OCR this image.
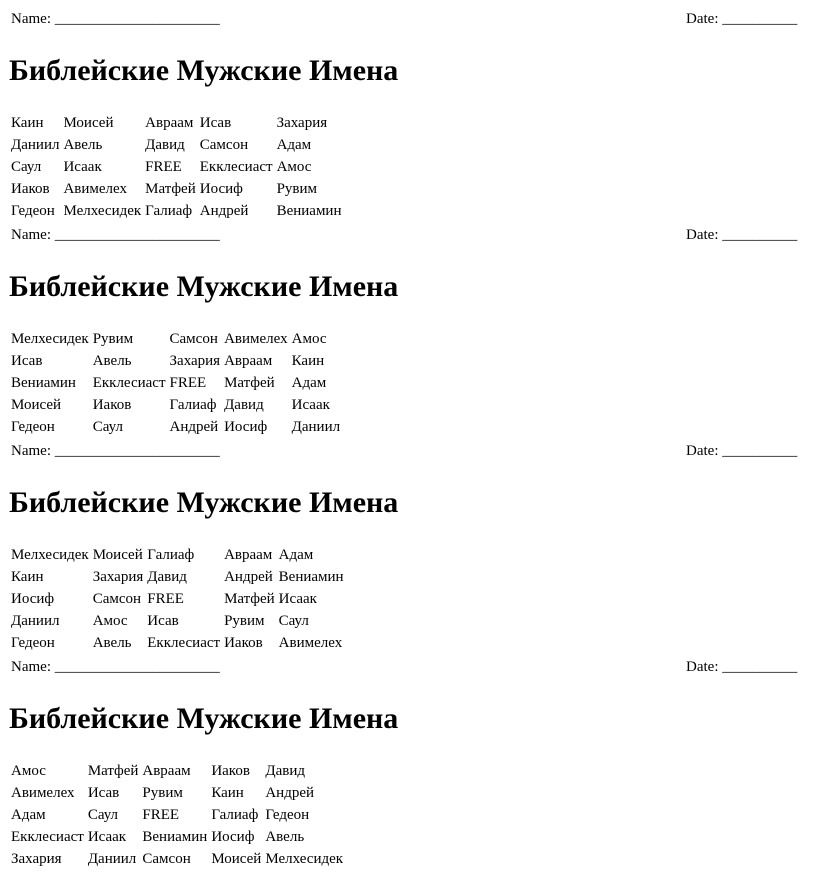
Name: ______________________	Date: __________
Библейские Мужские Имена
Каин	Моисей	Авраам	Исав	Захария
Даниил	Авель	Давид	Самсон	Адам
Саул	Исаак	FREE	Екклесиаст	Амос
Иаков	Авимелех	Матфей	Иосиф	Рувим
Гедеон	Мелхесидек	Галиаф	Андрей	Вениамин
Name: ______________________	Date: __________
Библейские Мужские Имена
Мелхесидек	Рувим	Самсон	Авимелех	Амос
Исав	Авель	Захария	Авраам	Каин
Вениамин	Екклесиаст	FREE	Матфей	Адам
Моисей	Иаков	Галиаф	Давид	Исаак
Гедеон	Саул	Андрей	Иосиф	Даниил
Name: ______________________	Date: __________
Библейские Мужские Имена
Мелхесидек	Моисей	Галиаф	Авраам	Адам
Каин	Захария	Давид	Андрей	Вениамин
Иосиф	Самсон	FREE	Матфей	Исаак
Даниил	Амос	Исав	Рувим	Саул
Гедеон	Авель	Екклесиаст	Иаков	Авимелех
Name: ______________________	Date: __________
Библейские Мужские Имена
Амос	Матфей	Авраам	Иаков	Давид
Авимелех	Исав	Рувим	Каин	Андрей
Адам	Саул	FREE	Галиаф	Гедеон
Екклесиаст	Исаак	Вениамин	Иосиф	Авель
Захария	Даниил	Самсон	Моисей	Мелхесидек
